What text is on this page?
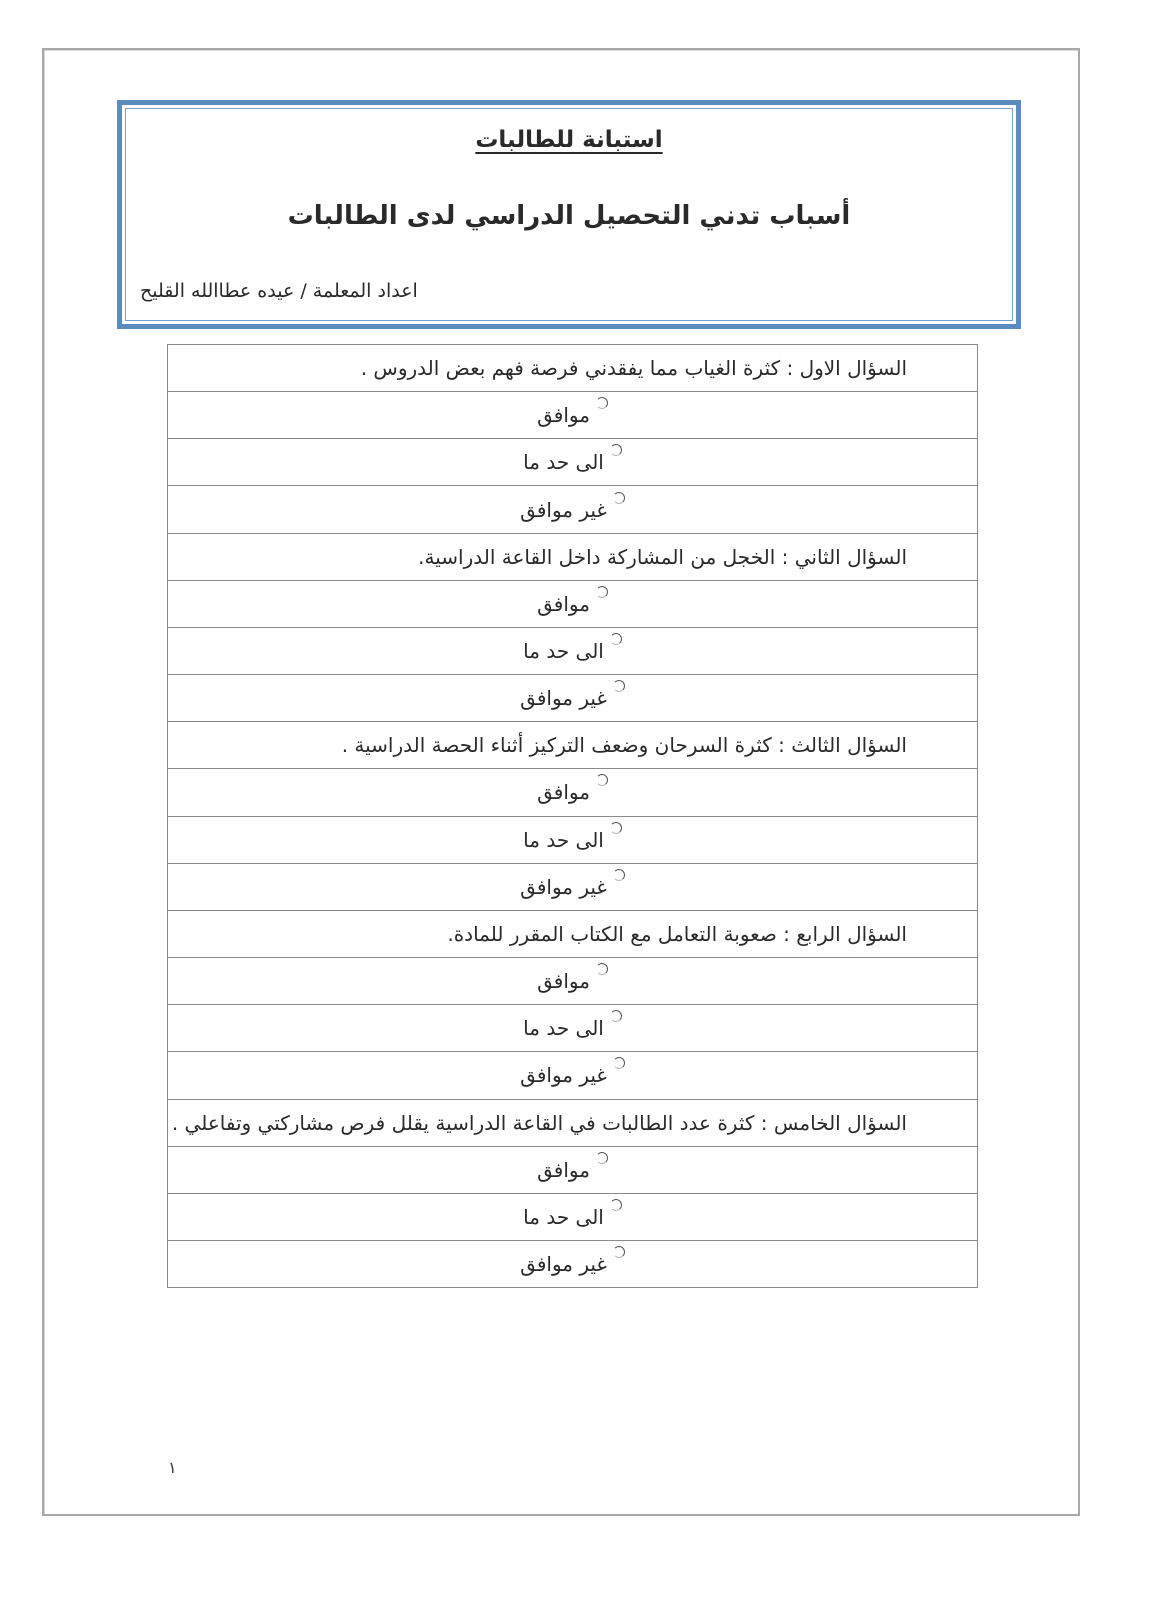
استبانة للطالبات
أسباب تدني التحصيل الدراسي لدى الطالبات
اعداد المعلمة / عيده عطاالله القليح
السؤال الاول : كثرة الغياب مما يفقدني فرصة فهم بعض الدروس .
موافق
الى حد ما
غير موافق
السؤال الثاني : الخجل من المشاركة داخل القاعة الدراسية.
موافق
الى حد ما
غير موافق
السؤال الثالث : كثرة السرحان وضعف التركيز أثناء الحصة الدراسية .
موافق
الى حد ما
غير موافق
السؤال الرابع : صعوبة التعامل مع الكتاب المقرر للمادة.
موافق
الى حد ما
غير موافق
السؤال الخامس : كثرة عدد الطالبات في القاعة الدراسية يقلل فرص مشاركتي وتفاعلي .
موافق
الى حد ما
غير موافق
١
